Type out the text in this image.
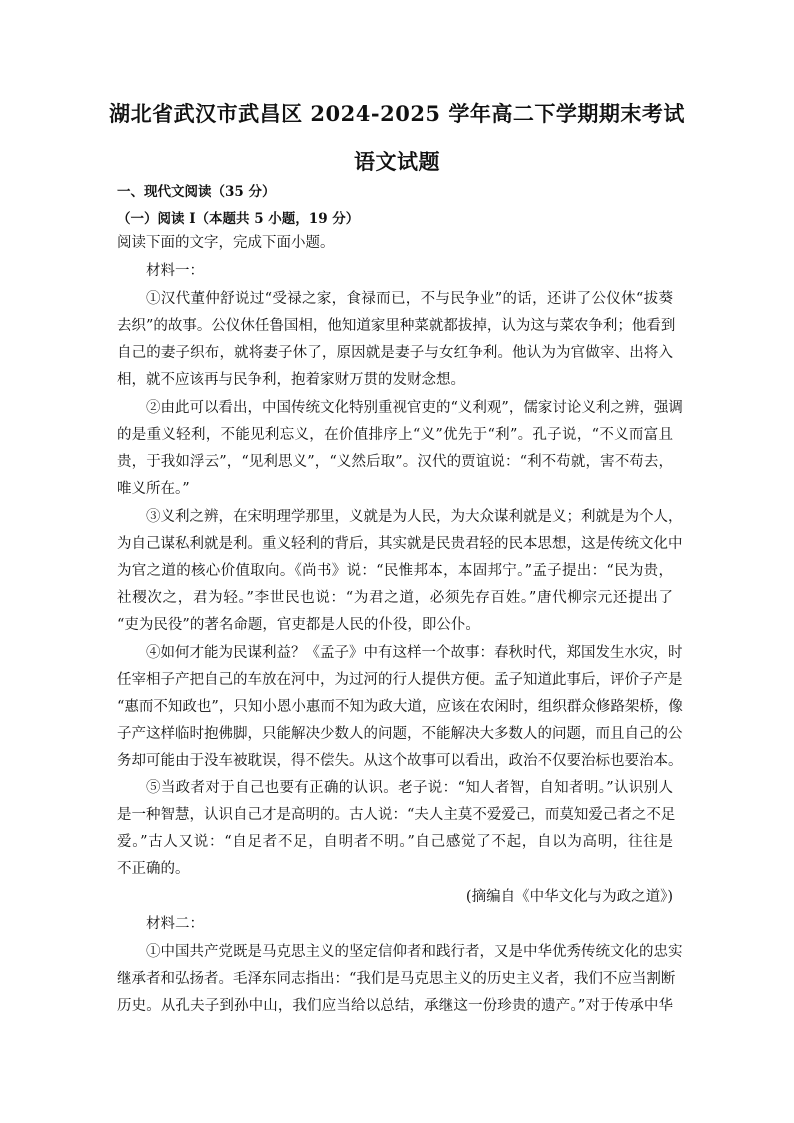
湖北省武汉市武昌区 2024-2025 学年高二下学期期末考试
语文试题
一、现代文阅读（35 分）
（一）阅读 I（本题共 5 小题，19 分）
阅读下面的文字，完成下面小题。
材料一：
①汉代董仲舒说过“受禄之家，食禄而已，不与民争业”的话，还讲了公仪休“拔葵
去织”的故事。公仪休任鲁国相，他知道家里种菜就都拔掉，认为这与菜农争利；他看到
自己的妻子织布，就将妻子休了，原因就是妻子与女红争利。他认为为官做宰、出将入
相，就不应该再与民争利，抱着家财万贯的发财念想。
②由此可以看出，中国传统文化特别重视官吏的“义利观”，儒家讨论义利之辨，强调
的是重义轻利，不能见利忘义，在价值排序上“义”优先于“利”。孔子说，“不义而富且
贵，于我如浮云”，“见利思义”，“义然后取”。汉代的贾谊说：“利不苟就，害不苟去，
唯义所在。”
③义利之辨，在宋明理学那里，义就是为人民，为大众谋利就是义；利就是为个人，
为自己谋私利就是利。重义轻利的背后，其实就是民贵君轻的民本思想，这是传统文化中
为官之道的核心价值取向。《尚书》说：“民惟邦本，本固邦宁。”孟子提出：“民为贵，
社稷次之，君为轻。”李世民也说：“为君之道，必须先存百姓。”唐代柳宗元还提出了
“吏为民役”的著名命题，官吏都是人民的仆役，即公仆。
④如何才能为民谋利益？《孟子》中有这样一个故事：春秋时代，郑国发生水灾，时
任宰相子产把自己的车放在河中，为过河的行人提供方便。孟子知道此事后，评价子产是
“惠而不知政也”，只知小恩小惠而不知为政大道，应该在农闲时，组织群众修路架桥，像
子产这样临时抱佛脚，只能解决少数人的问题，不能解决大多数人的问题，而且自己的公
务却可能由于没车被耽误，得不偿失。从这个故事可以看出，政治不仅要治标也要治本。
⑤当政者对于自己也要有正确的认识。老子说：“知人者智，自知者明。”认识别人
是一种智慧，认识自己才是高明的。古人说：“夫人主莫不爱爱己，而莫知爱己者之不足
爱。”古人又说：“自足者不足，自明者不明。”自己感觉了不起，自以为高明，往往是
不正确的。
(摘编自《中华文化与为政之道》)
材料二：
①中国共产党既是马克思主义的坚定信仰者和践行者，又是中华优秀传统文化的忠实
继承者和弘扬者。毛泽东同志指出：“我们是马克思主义的历史主义者，我们不应当割断
历史。从孔夫子到孙中山，我们应当给以总结，承继这一份珍贵的遗产。”对于传承中华
